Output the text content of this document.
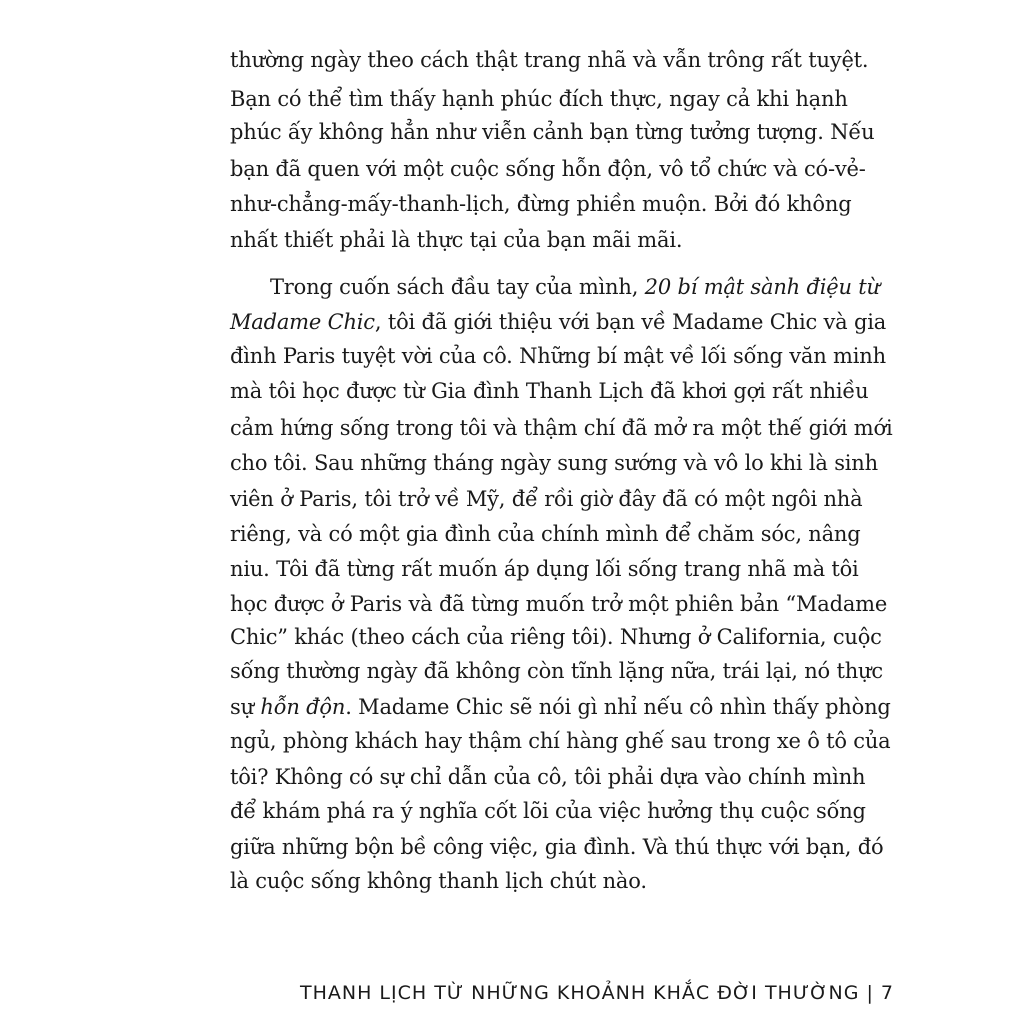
thường ngày theo cách thật trang nhã và vẫn trông rất tuyệt.
Bạn có thể tìm thấy hạnh phúc đích thực, ngay cả khi hạnh
phúc ấy không hẳn như viễn cảnh bạn từng tưởng tượng. Nếu
bạn đã quen với một cuộc sống hỗn độn, vô tổ chức và có-vẻ-
như-chẳng-mấy-thanh-lịch, đừng phiền muộn. Bởi đó không
nhất thiết phải là thực tại của bạn mãi mãi.
Trong cuốn sách đầu tay của mình, 20 bí mật sành điệu từ
Madame Chic, tôi đã giới thiệu với bạn về Madame Chic và gia
đình Paris tuyệt vời của cô. Những bí mật về lối sống văn minh
mà tôi học được từ Gia đình Thanh Lịch đã khơi gợi rất nhiều
cảm hứng sống trong tôi và thậm chí đã mở ra một thế giới mới
cho tôi. Sau những tháng ngày sung sướng và vô lo khi là sinh
viên ở Paris, tôi trở về Mỹ, để rồi giờ đây đã có một ngôi nhà
riêng, và có một gia đình của chính mình để chăm sóc, nâng
niu. Tôi đã từng rất muốn áp dụng lối sống trang nhã mà tôi
học được ở Paris và đã từng muốn trở một phiên bản “Madame
Chic” khác (theo cách của riêng tôi). Nhưng ở California, cuộc
sống thường ngày đã không còn tĩnh lặng nữa, trái lại, nó thực
sự hỗn độn. Madame Chic sẽ nói gì nhỉ nếu cô nhìn thấy phòng
ngủ, phòng khách hay thậm chí hàng ghế sau trong xe ô tô của
tôi? Không có sự chỉ dẫn của cô, tôi phải dựa vào chính mình
để khám phá ra ý nghĩa cốt lõi của việc hưởng thụ cuộc sống
giữa những bộn bề công việc, gia đình. Và thú thực với bạn, đó
là cuộc sống không thanh lịch chút nào.
THANH LỊCH TỪ NHỮNG KHOẢNH KHẮC ĐỜI THƯỜNG | 7
